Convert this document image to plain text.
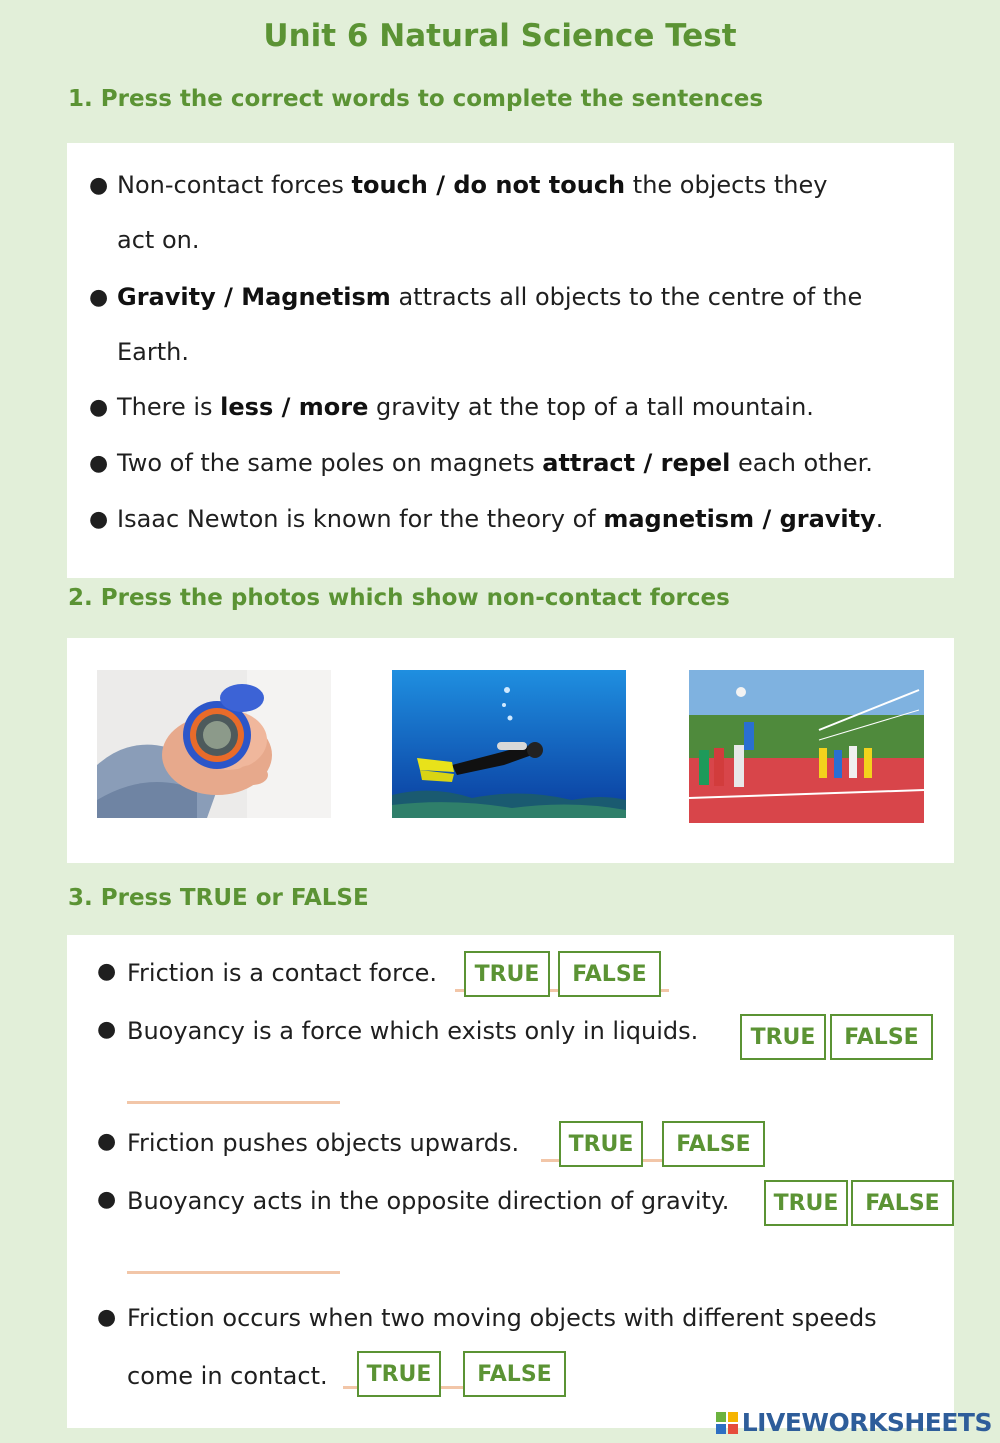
Unit 6 Natural Science Test
1. Press the correct words to complete the sentences
● Non-contact forces touch / do not touch the objects they
act on.
● Gravity / Magnetism attracts all objects to the centre of the
Earth.
● There is less / more gravity at the top of a tall mountain.
● Two of the same poles on magnets attract / repel each other.
● Isaac Newton is known for the theory of magnetism / gravity.
2. Press the photos which show non-contact forces
3. Press TRUE or FALSE
● Friction is a contact force.	TRUE	FALSE
● Buoyancy is a force which exists only in liquids.	TRUE	FALSE
● Friction pushes objects upwards.	TRUE	FALSE
● Buoyancy acts in the opposite direction of gravity.	TRUE	FALSE
● Friction occurs when two moving objects with different speeds
come in contact.	TRUE	FALSE
LIVEWORKSHEETS
